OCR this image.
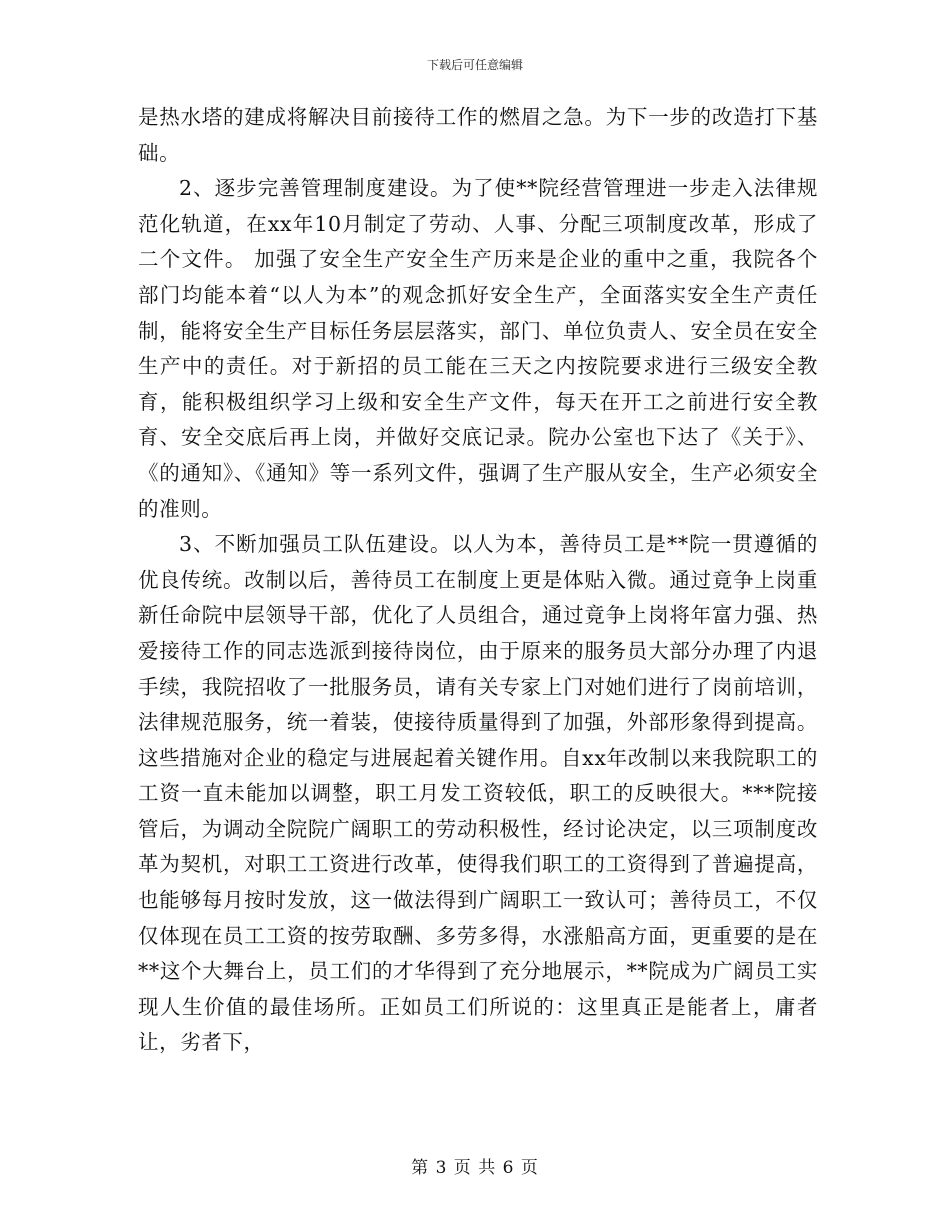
下载后可任意编辑

是热水塔的建成将解决目前接待工作的燃眉之急。为下一步的改造打下基础。

2、逐步完善管理制度建设。为了使**院经营管理进一步走入法律规范化轨道，在xx年10月制定了劳动、人事、分配三项制度改革，形成了二个文件。 加强了安全生产安全生产历来是企业的重中之重，我院各个部门均能本着“以人为本”的观念抓好安全生产，全面落实安全生产责任制，能将安全生产目标任务层层落实，部门、单位负责人、安全员在安全生产中的责任。对于新招的员工能在三天之内按院要求进行三级安全教育，能积极组织学习上级和安全生产文件，每天在开工之前进行安全教育、安全交底后再上岗，并做好交底记录。院办公室也下达了《关于》、《的通知》、《通知》等一系列文件，强调了生产服从安全，生产必须安全的准则。

3、不断加强员工队伍建设。以人为本，善待员工是**院一贯遵循的优良传统。改制以后，善待员工在制度上更是体贴入微。通过竟争上岗重新任命院中层领导干部，优化了人员组合，通过竟争上岗将年富力强、热爱接待工作的同志选派到接待岗位，由于原来的服务员大部分办理了内退手续，我院招收了一批服务员，请有关专家上门对她们进行了岗前培训，法律规范服务，统一着装，使接待质量得到了加强，外部形象得到提高。这些措施对企业的稳定与进展起着关键作用。自xx年改制以来我院职工的工资一直未能加以调整，职工月发工资较低，职工的反映很大。***院接管后，为调动全院院广阔职工的劳动积极性，经讨论决定，以三项制度改革为契机，对职工工资进行改革，使得我们职工的工资得到了普遍提高，也能够每月按时发放，这一做法得到广阔职工一致认可；善待员工，不仅仅体现在员工工资的按劳取酬、多劳多得，水涨船高方面，更重要的是在**这个大舞台上，员工们的才华得到了充分地展示，**院成为广阔员工实现人生价值的最佳场所。正如员工们所说的：这里真正是能者上，庸者让，劣者下，

第 3 页 共 6 页
